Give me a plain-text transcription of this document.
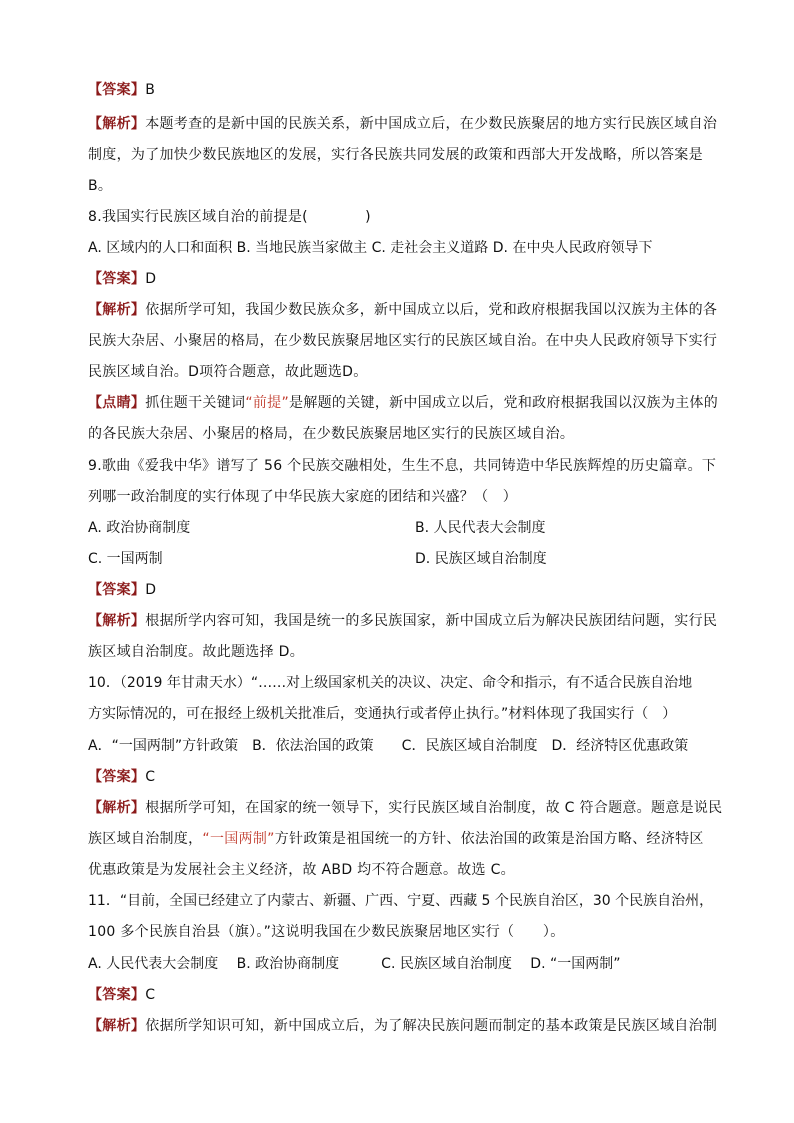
【答案】B
【解析】本题考查的是新中国的民族关系，新中国成立后，在少数民族聚居的地方实行民族区域自治
制度，为了加快少数民族地区的发展，实行各民族共同发展的政策和西部大开发战略，所以答案是
B。
8.我国实行民族区域自治的前提是(　　　　)
A. 区域内的人口和面积 B. 当地民族当家做主 C. 走社会主义道路 D. 在中央人民政府领导下
【答案】D
【解析】依据所学可知，我国少数民族众多，新中国成立以后，党和政府根据我国以汉族为主体的各
民族大杂居、小聚居的格局，在少数民族聚居地区实行的民族区域自治。在中央人民政府领导下实行
民族区域自治。D项符合题意，故此题选D。
【点睛】抓住题干关键词“前提”是解题的关键，新中国成立以后，党和政府根据我国以汉族为主体的
的各民族大杂居、小聚居的格局，在少数民族聚居地区实行的民族区域自治。
9.歌曲《爱我中华》谱写了 56 个民族交融相处，生生不息，共同铸造中华民族辉煌的历史篇章。下
列哪一政治制度的实行体现了中华民族大家庭的团结和兴盛？（　）
A. 政治协商制度	B. 人民代表大会制度
C. 一国两制	D. 民族区域自治制度
【答案】D
【解析】根据所学内容可知，我国是统一的多民族国家，新中国成立后为解决民族团结问题，实行民
族区域自治制度。故此题选择 D。
10．（2019 年甘肃天水）“……对上级国家机关的决议、决定、命令和指示，有不适合民族自治地
方实际情况的，可在报经上级机关批准后，变通执行或者停止执行。”材料体现了我国实行（　）
A．“一国两制”方针政策　B．依法治国的政策　　C．民族区域自治制度　D．经济特区优惠政策
【答案】C
【解析】根据所学可知，在国家的统一领导下，实行民族区域自治制度，故 C 符合题意。题意是说民
族区域自治制度，“一国两制”方针政策是祖国统一的方针、依法治国的政策是治国方略、经济特区
优惠政策是为发展社会主义经济，故 ABD 均不符合题意。故选 C。
11．“目前，全国已经建立了内蒙古、新疆、广西、宁夏、西藏 5 个民族自治区，30 个民族自治州，
100 多个民族自治县（旗）。”这说明我国在少数民族聚居地区实行（　　）。
A. 人民代表大会制度　 B. 政治协商制度　　　C. 民族区域自治制度　 D. “一国两制”
【答案】C
【解析】依据所学知识可知，新中国成立后，为了解决民族问题而制定的基本政策是民族区域自治制
